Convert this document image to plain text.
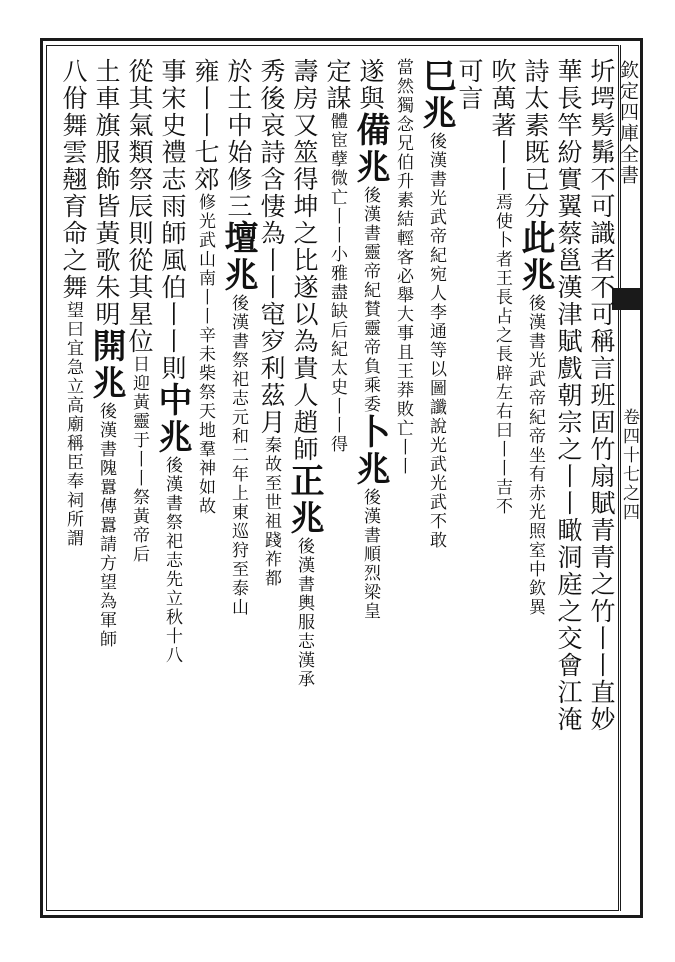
欽定四庫全書
卷四十七之四
圻堮髣髴不可識者不可稱言班固竹扇賦青青之竹丨丨直妙
華長竿紛實翼蔡邕漢津賦戲朝宗之丨丨瞰洞庭之交會江淹
詩太素既已分此兆後漢書光武帝紀帝坐有赤光照室中欽異
吹萬著丨丨焉使卜者王長占之長辟左右曰丨丨吉不
可言
巳兆後漢書光武帝紀宛人李通等以圖讖說光武光武不敢
當然獨念兄伯升素結輕客必舉大事且王莽敗亡丨丨
遂與備兆後漢書靈帝紀賛靈帝負乘委卜兆後漢書順烈梁皇
定謀體宦孽微亡丨丨小雅盡缺后紀太史丨丨得
壽房又筮得坤之比遂以為貴人趙師正兆後漢書輿服志漢承
秀後哀詩含悽為丨丨窀穸利茲月秦故至世祖踐祚都
於土中始修三壇兆後漢書祭祀志元和二年上東巡狩至泰山
雍丨丨七郊修光武山南丨丨辛未柴祭天地羣神如故
事宋史禮志雨師風伯丨丨則中兆後漢書祭祀志先立秋十八
從其氣類祭辰則從其星位日迎黃靈于丨丨祭黃帝后
土車旗服飾皆黃歌朱明開兆後漢書隗囂傳囂請方望為軍師
八佾舞雲翹育命之舞望曰宜急立高廟稱臣奉祠所謂
